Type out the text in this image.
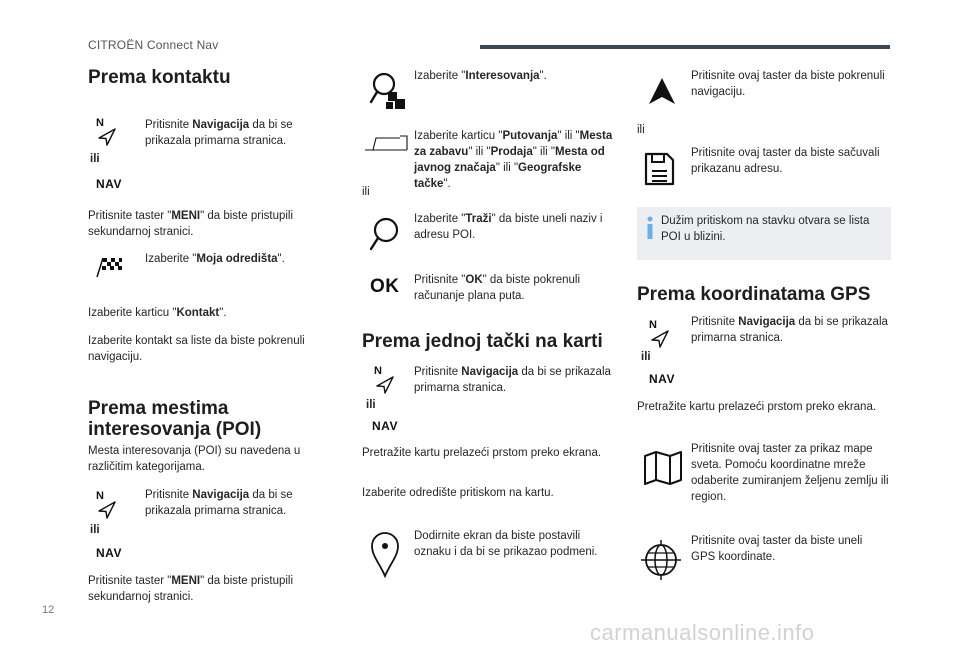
CITROËN Connect Nav
Prema kontaktu
N
ili
NAV

Pritisnite Navigacija da bi se prikazala primarna stranica.

Pritisnite taster "MENI" da biste pristupili sekundarnoj stranici.

Izaberite "Moja odredišta".

Izaberite karticu "Kontakt".

Izaberite kontakt sa liste da biste pokrenuli navigaciju.

Prema mestima
interesovanja (POI)

Mesta interesovanja (POI) su navedena u različitim kategorijama.

N
ili
NAV

Pritisnite Navigacija da bi se prikazala primarna stranica.

Pritisnite taster "MENI" da biste pristupili sekundarnoj stranici.

Izaberite "Interesovanja".

Izaberite karticu "Putovanja" ili "Mesta za zabavu" ili "Prodaja" ili "Mesta od javnog značaja" ili "Geografske tačke".

ili

Izaberite "Traži" da biste uneli naziv i adresu POI.

OK Pritisnite "OK" da biste pokrenuli računanje plana puta.

Prema jednoj tački na karti
N
ili
NAV

Pritisnite Navigacija da bi se prikazala primarna stranica.

Pretražite kartu prelazeći prstom preko ekrana.

Izaberite odredište pritiskom na kartu.

Dodirnite ekran da biste postavili oznaku i da bi se prikazao podmeni.

Pritisnite ovaj taster da biste pokrenuli navigaciju.

ili

Pritisnite ovaj taster da biste sačuvali prikazanu adresu.

Dužim pritiskom na stavku otvara se lista POI u blizini.

Prema koordinatama GPS
N
ili
NAV

Pritisnite Navigacija da bi se prikazala primarna stranica.

Pretražite kartu prelazeći prstom preko ekrana.

Pritisnite ovaj taster za prikaz mape sveta. Pomoću koordinatne mreže odaberite zumiranjem željenu zemlju ili region.

Pritisnite ovaj taster da biste uneli GPS koordinate.

12
carmanualsonline.info
